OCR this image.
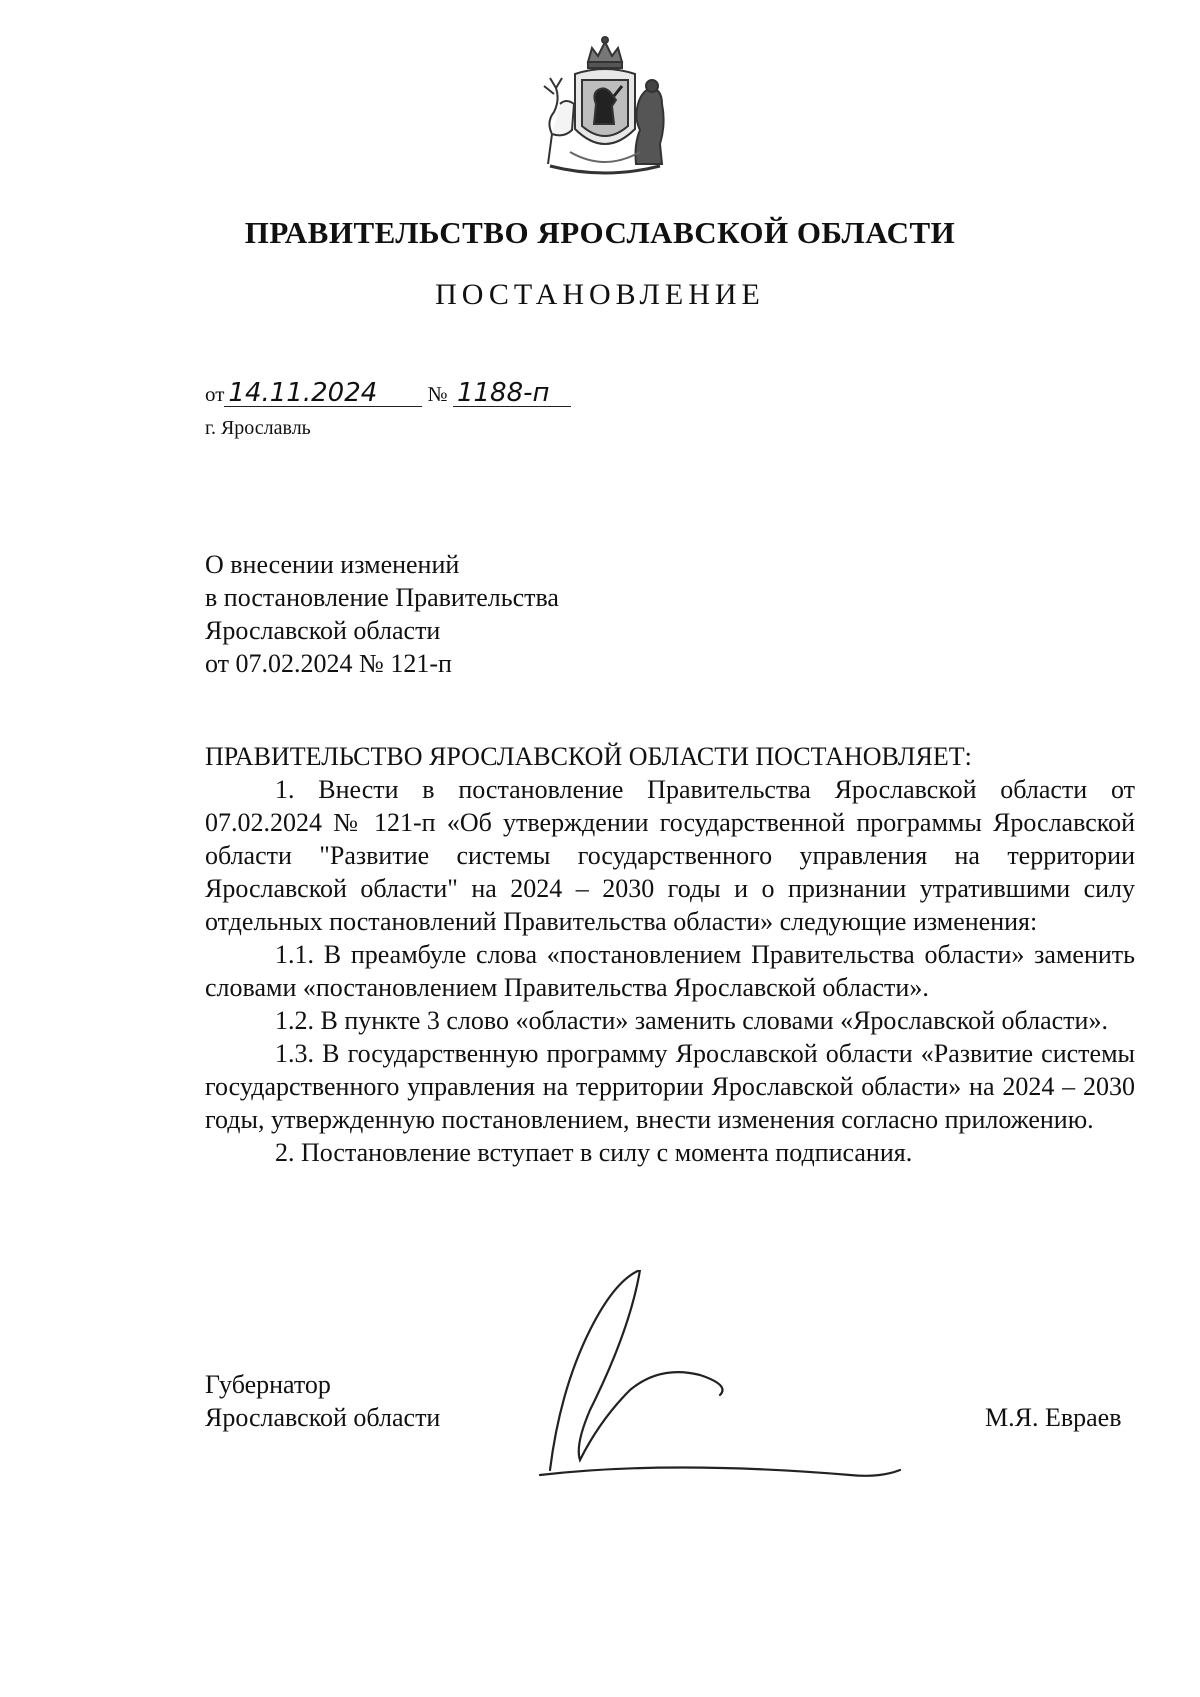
ПРАВИТЕЛЬСТВО ЯРОСЛАВСКОЙ ОБЛАСТИ
ПОСТАНОВЛЕНИЕ
от 14.11.2024 № 1188-п
г. Ярославль
О внесении изменений
в постановление Правительства
Ярославской области
от 07.02.2024 № 121-п
ПРАВИТЕЛЬСТВО ЯРОСЛАВСКОЙ ОБЛАСТИ ПОСТАНОВЛЯЕТ:

1. Внести в постановление Правительства Ярославской области от 07.02.2024 № 121-п «Об утверждении государственной программы Ярославской области "Развитие системы государственного управления на территории Ярославской области" на 2024 – 2030 годы и о признании утратившими силу отдельных постановлений Правительства области» следующие изменения:

1.1. В преамбуле слова «постановлением Правительства области» заменить словами «постановлением Правительства Ярославской области».

1.2. В пункте 3 слово «области» заменить словами «Ярославской области».

1.3. В государственную программу Ярославской области «Развитие системы государственного управления на территории Ярославской области» на 2024 – 2030 годы, утвержденную постановлением, внести изменения согласно приложению.

2. Постановление вступает в силу с момента подписания.

Губернатор
Ярославской области	М.Я. Евраев
